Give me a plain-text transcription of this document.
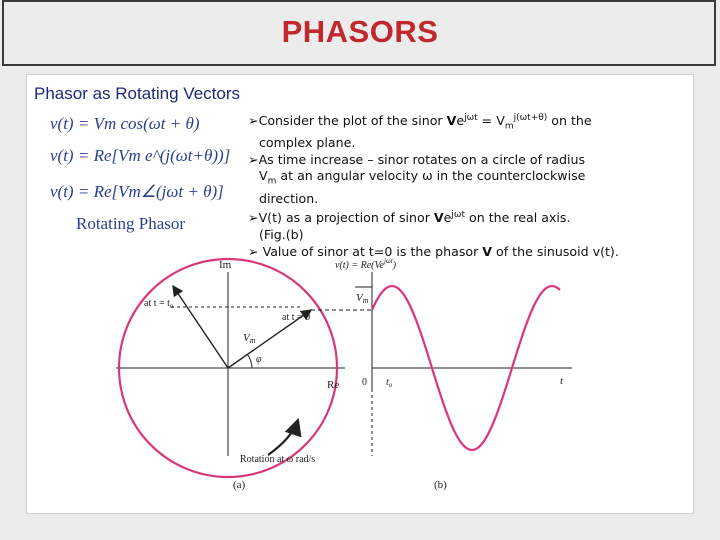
PHASORS
Phasor as Rotating Vectors
v(t) = Vm cos(ωt + θ)
v(t) = Re[Vm e^(j(ωt+θ))]
v(t) = Re[Vm∠(jωt + θ)]
Rotating Phasor
➢Consider the plot of the sinor $Ve^{j\omega t} = V_m^{j(\omega t+\theta)}$ on the
complex plane.
➢As time increase – sinor rotates on a circle of radius
$V_m$ at an angular velocity ω in the counterclockwise
direction.
➢V(t) as a projection of sinor $Ve^{j\omega t}$ on the real axis.
(Fig.(b)
➢ Value of sinor at t=0 is the phasor V of the sinusoid v(t).
Im
Re
at $t = t_o$
at t = 0
Vm
φ
Rotation at ω rad/s
(a)	(b)
$v(t) = Re(Ve^{j\omega t})$
Vm
0 $t_o$	t
